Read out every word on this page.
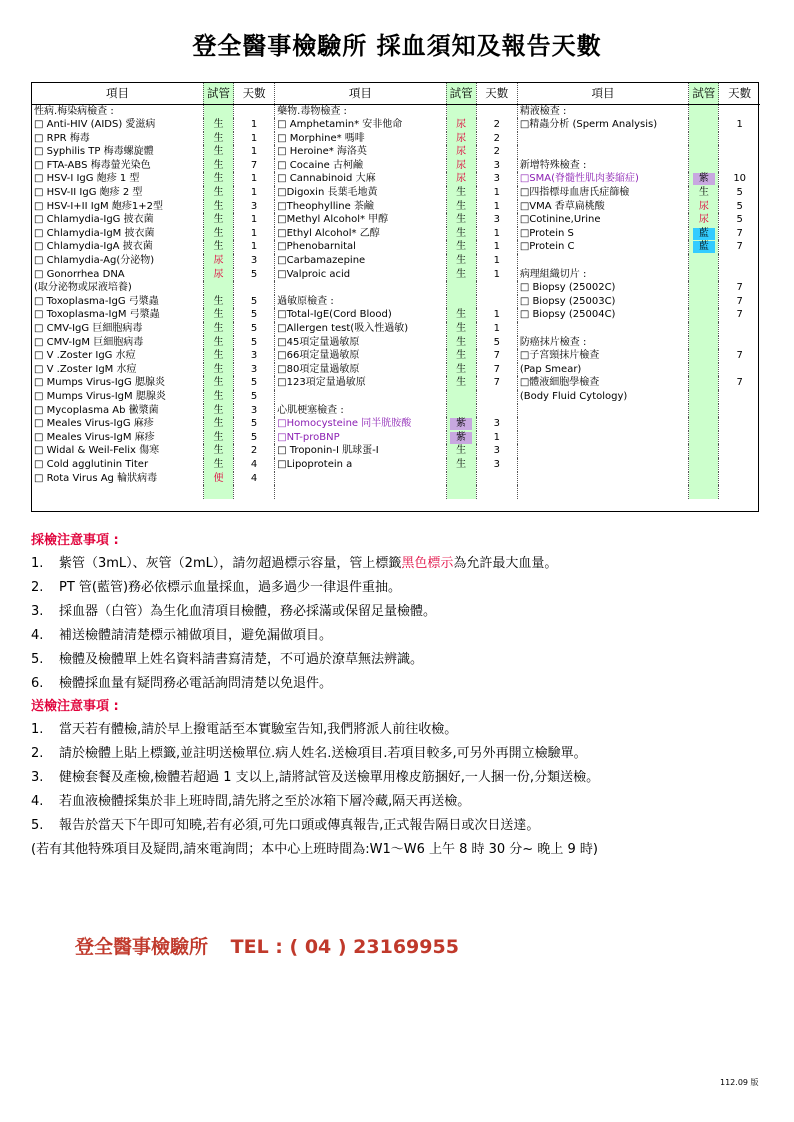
登全醫事檢驗所 採血須知及報告天數
項目	試管	天數	項目	試管	天數	項目	試管	天數
性病.梅染病檢查 :			藥物.毒物檢查 :			精液檢查 :		
□ Anti-HIV (AIDS) 愛滋病	生	1	□ Amphetamin* 安非他命	尿	2	□精蟲分析 (Sperm Analysis)		1
□ RPR 梅毒	生	1	□ Morphine* 嗎啡	尿	2			
□ Syphilis TP 梅毒螺旋體	生	1	□ Heroine* 海洛英	尿	2			
□ FTA-ABS 梅毒螢光染色	生	7	□ Cocaine 古柯鹼	尿	3	新增特殊檢查 :		
□ HSV-I IgG 皰疹 1 型	生	1	□ Cannabinoid 大麻	尿	3	□SMA(脊髓性肌肉萎縮症)	紫	10
□ HSV-II IgG 皰疹 2 型	生	1	□Digoxin 長葉毛地黃	生	1	□四指標母血唐氏症篩檢	生	5
□ HSV-I+II IgM 皰疹1+2型	生	3	□Theophylline 茶鹼	生	1	□VMA 香草扁桃酸	尿	5
□ Chlamydia-IgG 披衣菌	生	1	□Methyl Alcohol* 甲醇	生	3	□Cotinine,Urine	尿	5
□ Chlamydia-IgM 披衣菌	生	1	□Ethyl Alcohol* 乙醇	生	1	□Protein S	藍	7
□ Chlamydia-IgA 披衣菌	生	1	□Phenobarnital	生	1	□Protein C	藍	7
□ Chlamydia-Ag(分泌物)	尿	3	□Carbamazepine	生	1			
□ Gonorrhea DNA	尿	5	□Valproic acid	生	1	病理組織切片 :		
(取分泌物或尿液培養)						□ Biopsy (25002C)		7
□ Toxoplasma-IgG 弓漿蟲	生	5	過敏原檢查 :			□ Biopsy (25003C)		7
□ Toxoplasma-IgM 弓漿蟲	生	5	□Total-IgE(Cord Blood)	生	1	□ Biopsy (25004C)		7
□ CMV-IgG 巨細胞病毒	生	5	□Allergen test(吸入性過敏)	生	1			
□ CMV-IgM 巨細胞病毒	生	5	□45項定量過敏原	生	5	防癌抹片檢查 :		
□ V .Zoster IgG 水痘	生	3	□66項定量過敏原	生	7	□子宮頸抹片檢查		7
□ V .Zoster IgM 水痘	生	3	□80項定量過敏原	生	7	(Pap Smear)		
□ Mumps Virus-IgG 腮腺炎	生	5	□123項定量過敏原	生	7	□體液細胞學檢查		7
□ Mumps Virus-IgM 腮腺炎	生	5				(Body Fluid Cytology)		
□ Mycoplasma Ab 黴漿菌	生	3	心肌梗塞檢查 :					
□ Meales Virus-IgG 麻疹	生	5	□Homocysteine 同半胱胺酸	紫	3			
□ Meales Virus-IgM 麻疹	生	5	□NT-proBNP	紫	1			
□ Widal & Weil-Felix 傷寒	生	2	□ Troponin-I 肌球蛋-I	生	3			
□ Cold agglutinin Titer	生	4	□Lipoprotein a	生	3			
□ Rota Virus Ag 輪狀病毒	便	4						

採檢注意事項 :
1. 紫管（3mL）、灰管（2mL），請勿超過標示容量，管上標籤黑色標示為允許最大血量。
2. PT 管(藍管)務必依標示血量採血，過多過少一律退件重抽。
3. 採血器（白管）為生化血清項目檢體，務必採滿或保留足量檢體。
4. 補送檢體請清楚標示補做項目，避免漏做項目。
5. 檢體及檢體單上姓名資料請書寫清楚，不可過於潦草無法辨識。
6. 檢體採血量有疑問務必電話詢問清楚以免退件。
送檢注意事項 :
1. 當天若有體檢,請於早上撥電話至本實驗室告知,我們將派人前往收檢。
2. 請於檢體上貼上標籤,並註明送檢單位.病人姓名.送檢項目.若項目較多,可另外再開立檢驗單。
3. 健檢套餐及產檢,檢體若超過 1 支以上,請將試管及送檢單用橡皮筋捆好,一人捆一份,分類送檢。
4. 若血液檢體採集於非上班時間,請先將之至於冰箱下層冷藏,隔天再送檢。
5. 報告於當天下午即可知曉,若有必須,可先口頭或傳真報告,正式報告隔日或次日送達。
(若有其他特殊項目及疑問,請來電詢問；本中心上班時間為:W1～W6 上午 8 時 30 分~ 晚上 9 時)
登全醫事檢驗所 TEL : ( 04 ) 23169955
112.09 版
